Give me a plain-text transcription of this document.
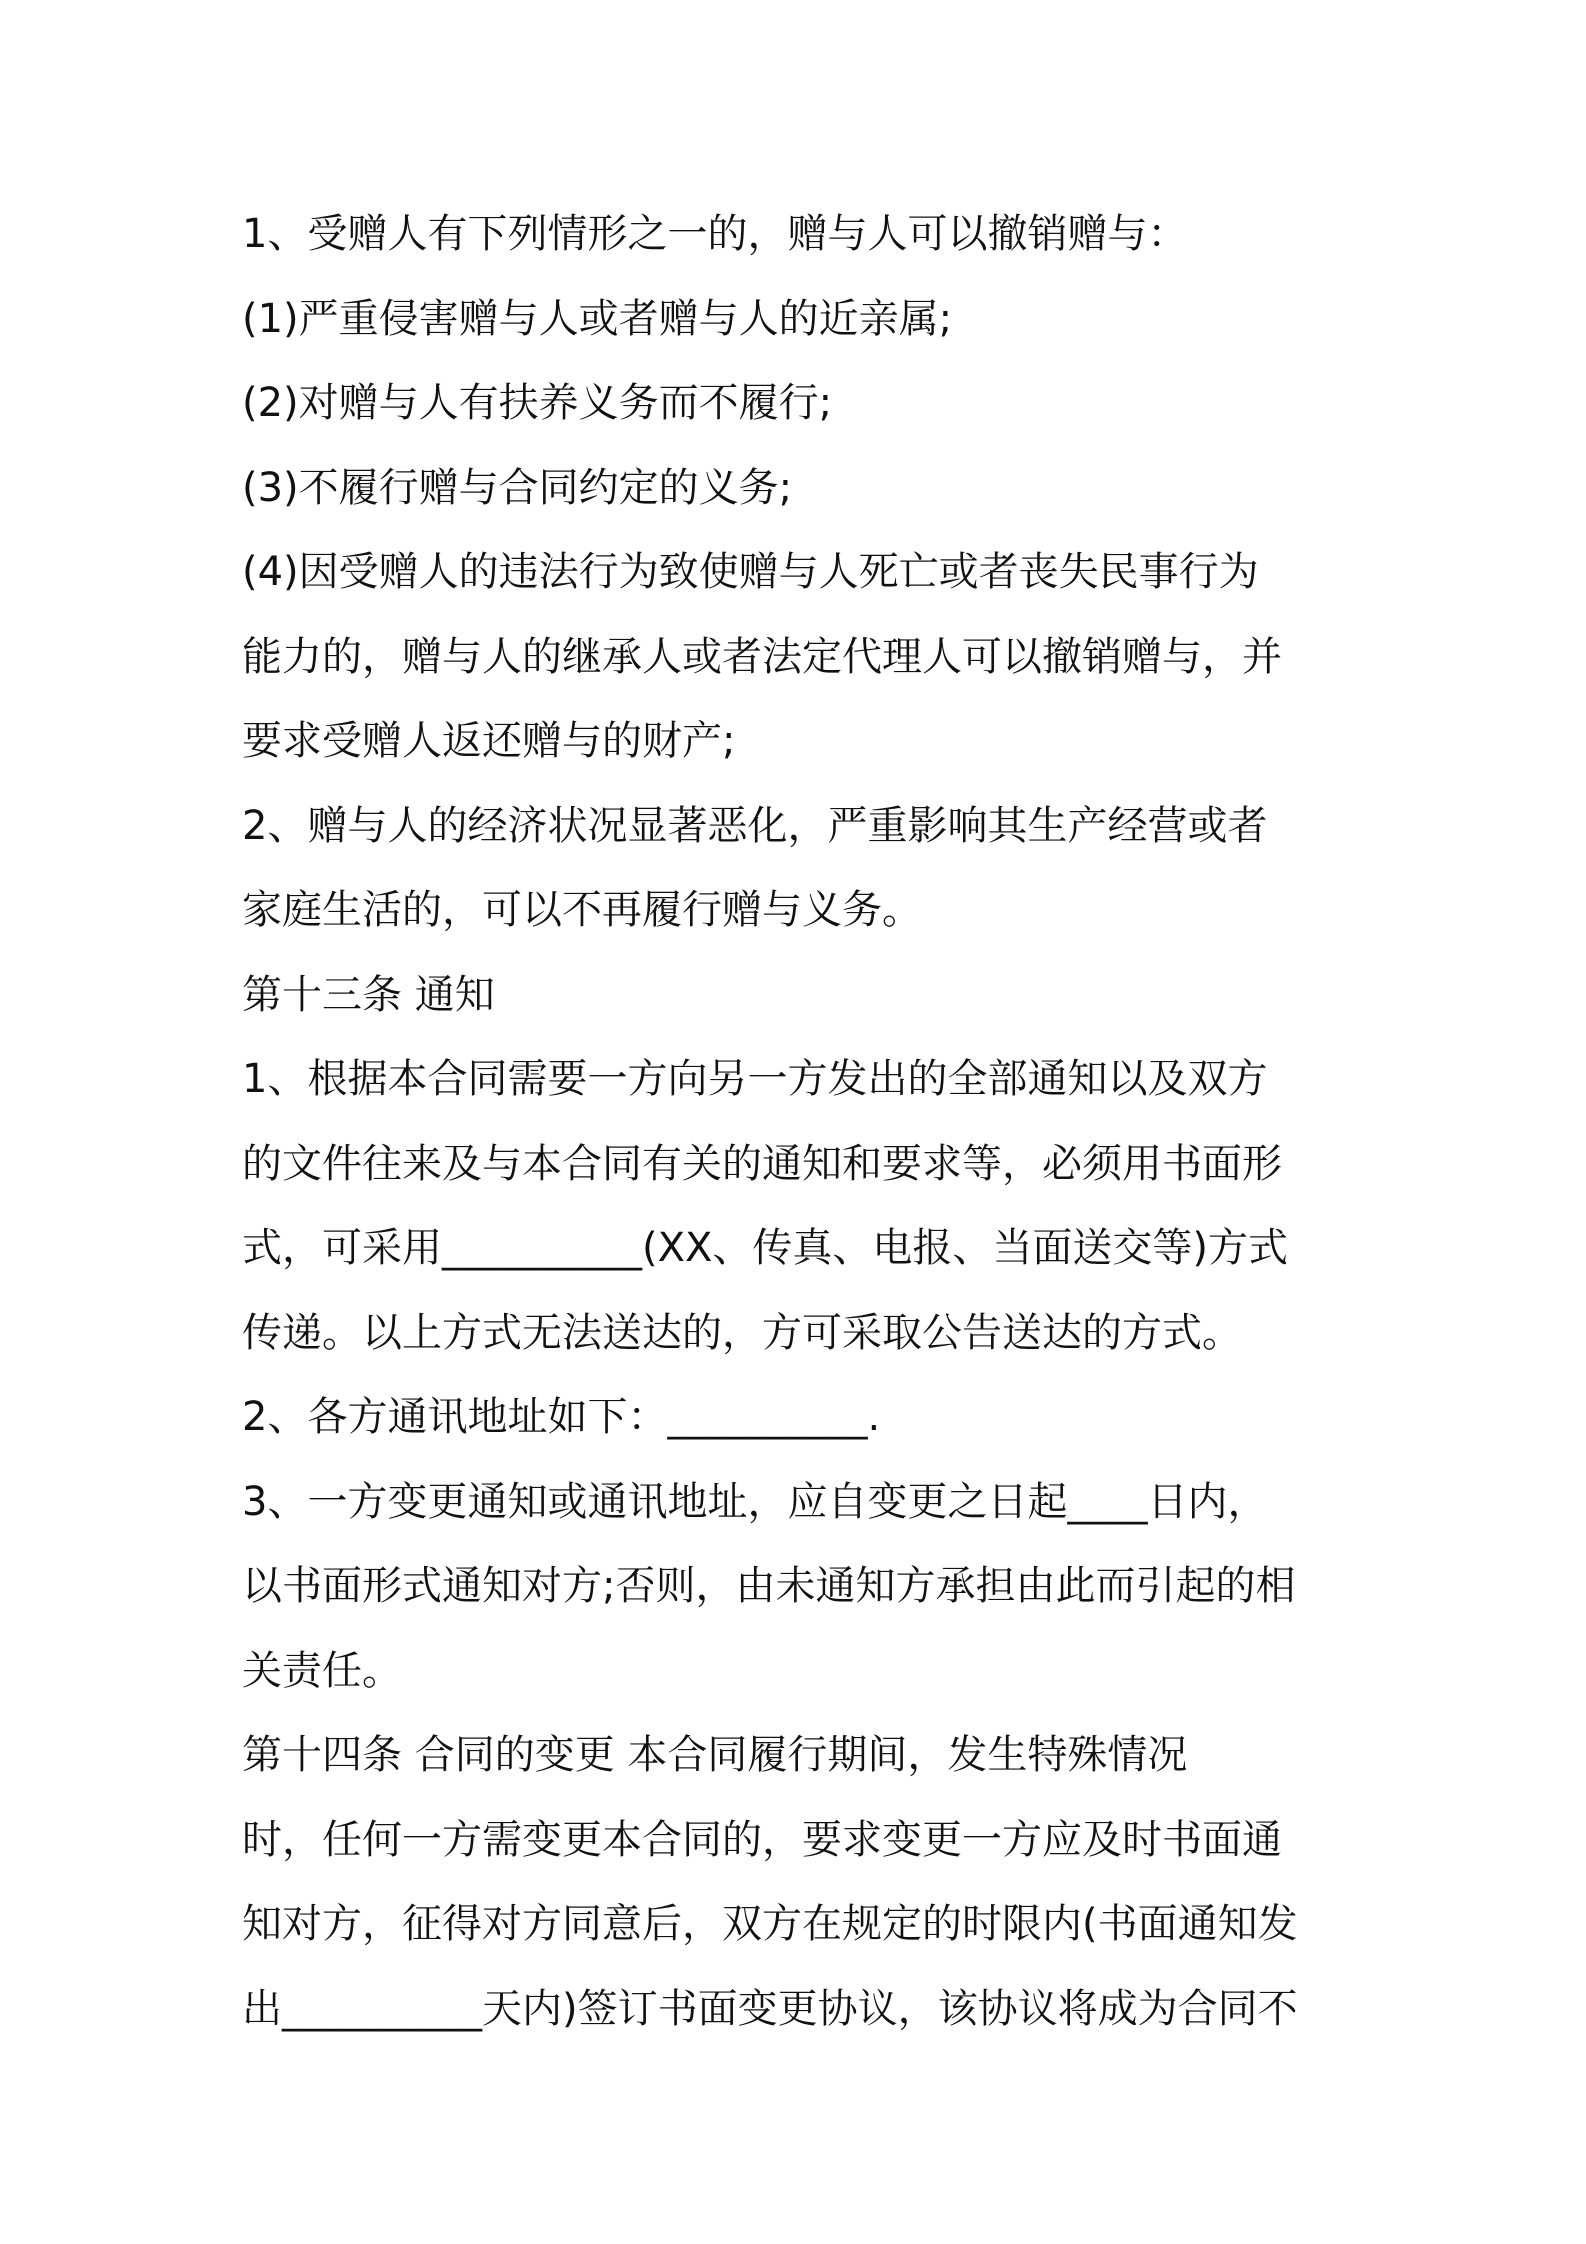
1、受赠人有下列情形之一的，赠与人可以撤销赠与：
(1)严重侵害赠与人或者赠与人的近亲属;
(2)对赠与人有扶养义务而不履行;
(3)不履行赠与合同约定的义务;
(4)因受赠人的违法行为致使赠与人死亡或者丧失民事行为
能力的，赠与人的继承人或者法定代理人可以撤销赠与，并
要求受赠人返还赠与的财产;
2、赠与人的经济状况显著恶化，严重影响其生产经营或者
家庭生活的，可以不再履行赠与义务。
第十三条 通知
1、根据本合同需要一方向另一方发出的全部通知以及双方
的文件往来及与本合同有关的通知和要求等，必须用书面形
式，可采用__________(XX、传真、电报、当面送交等)方式
传递。以上方式无法送达的，方可采取公告送达的方式。
2、各方通讯地址如下：__________.
3、一方变更通知或通讯地址，应自变更之日起____日内，
以书面形式通知对方;否则，由未通知方承担由此而引起的相
关责任。
第十四条 合同的变更 本合同履行期间，发生特殊情况
时，任何一方需变更本合同的，要求变更一方应及时书面通
知对方，征得对方同意后，双方在规定的时限内(书面通知发
出__________天内)签订书面变更协议，该协议将成为合同不
